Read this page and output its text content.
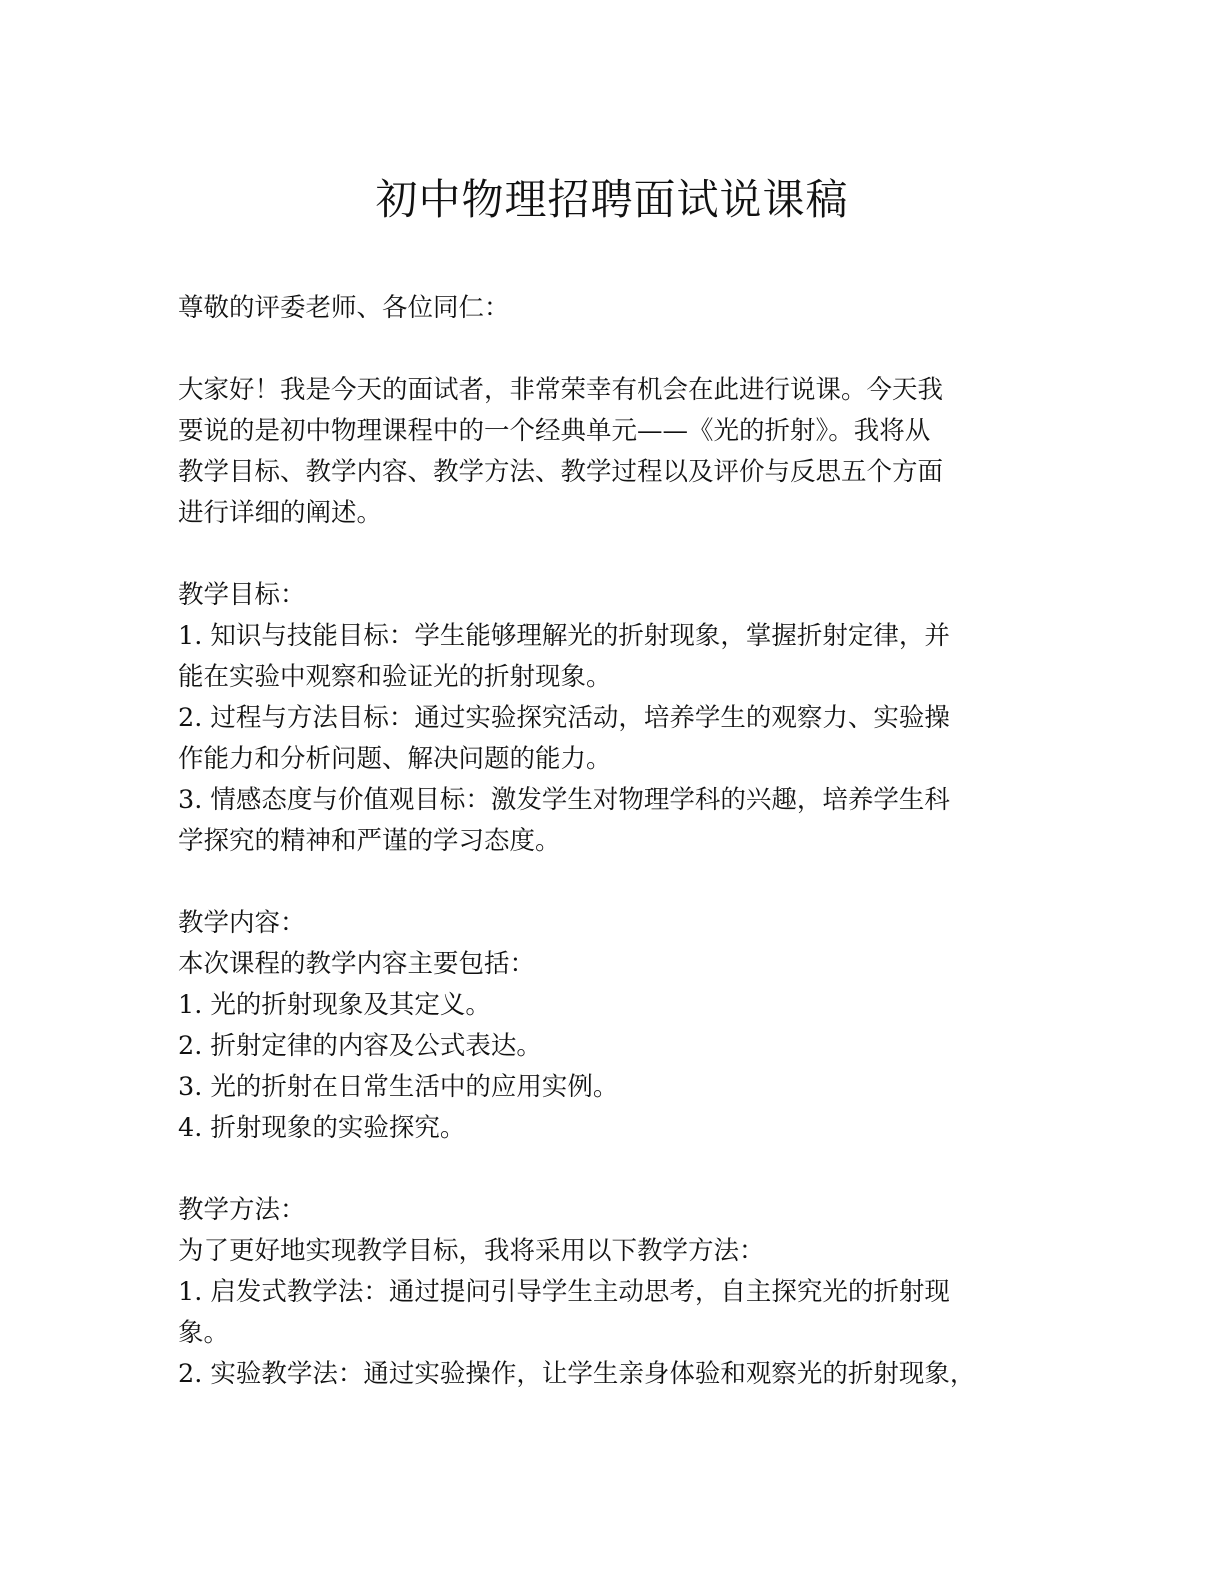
初中物理招聘面试说课稿
尊敬的评委老师、各位同仁：
大家好！我是今天的面试者，非常荣幸有机会在此进行说课。今天我
要说的是初中物理课程中的一个经典单元——《光的折射》。我将从
教学目标、教学内容、教学方法、教学过程以及评价与反思五个方面
进行详细的阐述。
教学目标：
1. 知识与技能目标：学生能够理解光的折射现象，掌握折射定律，并
能在实验中观察和验证光的折射现象。
2. 过程与方法目标：通过实验探究活动，培养学生的观察力、实验操
作能力和分析问题、解决问题的能力。
3. 情感态度与价值观目标：激发学生对物理学科的兴趣，培养学生科
学探究的精神和严谨的学习态度。
教学内容：
本次课程的教学内容主要包括：
1. 光的折射现象及其定义。
2. 折射定律的内容及公式表达。
3. 光的折射在日常生活中的应用实例。
4. 折射现象的实验探究。
教学方法：
为了更好地实现教学目标，我将采用以下教学方法：
1. 启发式教学法：通过提问引导学生主动思考，自主探究光的折射现
象。
2. 实验教学法：通过实验操作，让学生亲身体验和观察光的折射现象，
